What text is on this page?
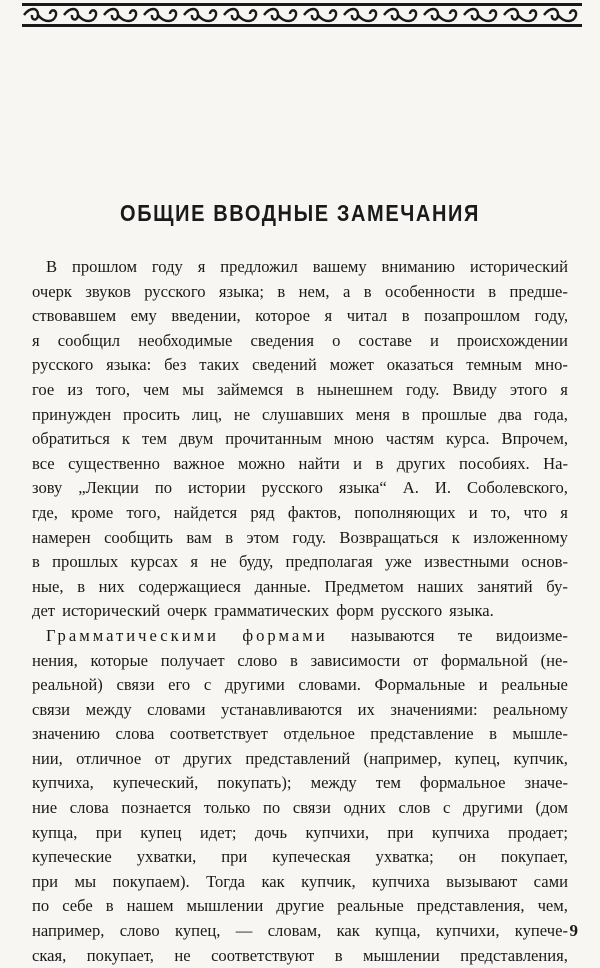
ОБЩИЕ ВВОДНЫЕ ЗАМЕЧАНИЯ
В прошлом году я предложил вашему вниманию исторический
очерк звуков русского языка; в нем, а в особенности в предше-
ствовавшем ему введении, которое я читал в позапрошлом году,
я сообщил необходимые сведения о составе и происхождении
русского языка: без таких сведений может оказаться темным мно-
гое из того, чем мы займемся в нынешнем году. Ввиду этого я
принужден просить лиц, не слушавших меня в прошлые два года,
обратиться к тем двум прочитанным мною частям курса. Впрочем,
все существенно важное можно найти и в других пособиях. На-
зову „Лекции по истории русского языка“ А. И. Соболевского,
где, кроме того, найдется ряд фактов, пополняющих и то, что я
намерен сообщить вам в этом году. Возвращаться к изложенному
в прошлых курсах я не буду, предполагая уже известными основ-
ные, в них содержащиеся данные. Предметом наших занятий бу-
дет исторический очерк грамматических форм русского языка.
Грамматическими формами называются те видоизме-
нения, которые получает слово в зависимости от формальной (не-
реальной) связи его с другими словами. Формальные и реальные
связи между словами устанавливаются их значениями: реальному
значению слова соответствует отдельное представление в мышле-
нии, отличное от других представлений (например, купец, купчик,
купчиха, купеческий, покупать); между тем формальное значе-
ние слова познается только по связи одних слов с другими (дом
купца, при купец идет; дочь купчихи, при купчиха продает;
купеческие ухватки, при купеческая ухватка; он покупает,
при мы покупаем). Тогда как купчик, купчиха вызывают сами
по себе в нашем мышлении другие реальные представления, чем,
например, слово купец, — словам, как купца, купчихи, купече-
ская, покупает, не соответствуют в мышлении представления,
9
